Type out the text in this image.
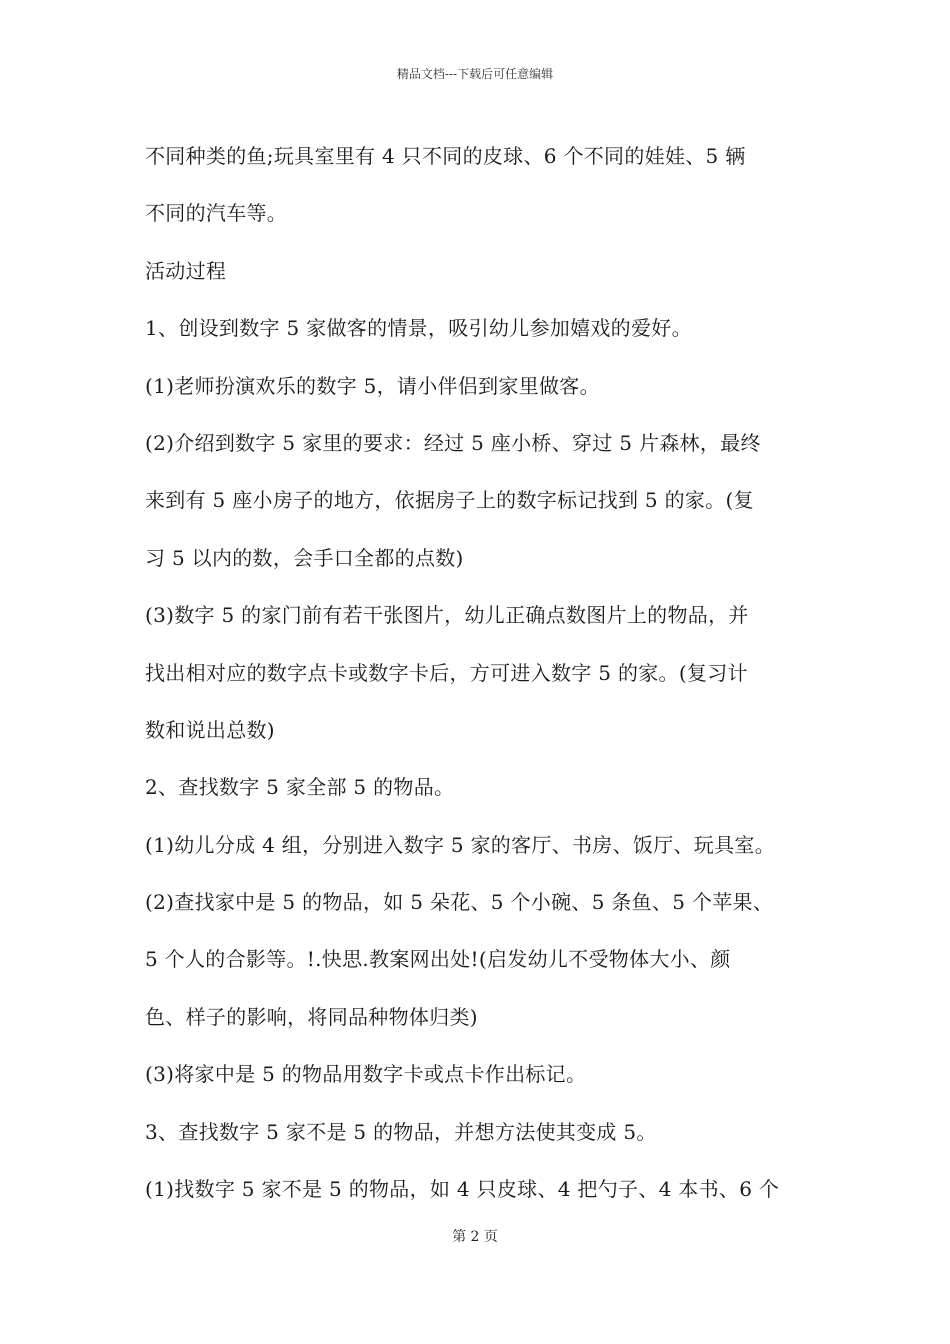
精品文档---下载后可任意编辑
不同种类的鱼;玩具室里有 4 只不同的皮球、6 个不同的娃娃、5 辆
不同的汽车等。
活动过程
1、创设到数字 5 家做客的情景，吸引幼儿参加嬉戏的爱好。
(1)老师扮演欢乐的数字 5，请小伴侣到家里做客。
(2)介绍到数字 5 家里的要求：经过 5 座小桥、穿过 5 片森林，最终
来到有 5 座小房子的地方，依据房子上的数字标记找到 5 的家。(复
习 5 以内的数，会手口全都的点数)
(3)数字 5 的家门前有若干张图片，幼儿正确点数图片上的物品，并
找出相对应的数字点卡或数字卡后，方可进入数字 5 的家。(复习计
数和说出总数)
2、查找数字 5 家全部 5 的物品。
(1)幼儿分成 4 组，分别进入数字 5 家的客厅、书房、饭厅、玩具室。
(2)查找家中是 5 的物品，如 5 朵花、5 个小碗、5 条鱼、5 个苹果、
5 个人的合影等。!.快思.教案网出处!(启发幼儿不受物体大小、颜
色、样子的影响，将同品种物体归类)
(3)将家中是 5 的物品用数字卡或点卡作出标记。
3、查找数字 5 家不是 5 的物品，并想方法使其变成 5。
(1)找数字 5 家不是 5 的物品，如 4 只皮球、4 把勺子、4 本书、6 个
第 2 页
